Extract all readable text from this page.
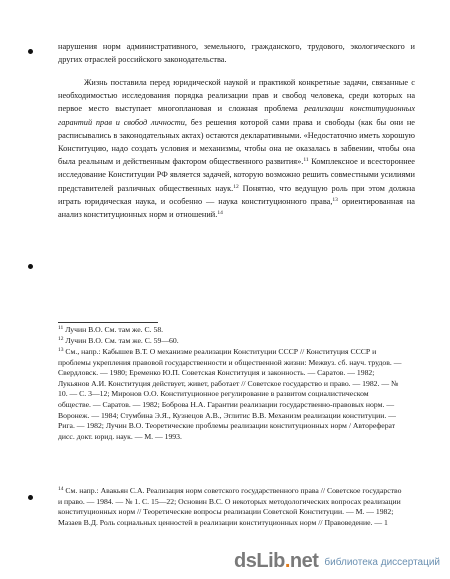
нарушения норм административного, земельного, гражданского, трудового, экологического и других отраслей российского законодательства.

Жизнь поставила перед юридической наукой и практикой конкретные задачи, связанные с необходимостью исследования порядка реализации прав и свобод человека, среди которых на первое место выступает многоплановая и сложная проблема реализации конституционных гарантий прав и свобод личности, без решения которой сами права и свободы (как бы они не расписывались в законодательных актах) остаются декларативными. «Недостаточно иметь хорошую Конституцию, надо создать условия и механизмы, чтобы она не оказалась в забвении, чтобы она была реальным и действенным фактором общественного развития».$^{11}$ Комплексное и всестороннее исследование Конституции РФ является задачей, которую возможно решить совместными усилиями представителей различных общественных наук.$^{12}$ Понятно, что ведущую роль при этом должна играть юридическая наука, и особенно — наука конституционного права,$^{13}$ ориентированная на анализ конституционных норм и отношений.$^{14}$

$^{11}$ Лучин В.О. См. там же. С. 58.

$^{12}$ Лучин В.О. См. там же. С. 59—60.

$^{13}$ См., напр.: Кабышев В.Т. О механизме реализации Конституции СССР // Конституция СССР и проблемы укрепления правовой государственности и общественной жизни: Межвуз. сб. науч. трудов. — Свердловск. — 1980; Еременко Ю.П. Советская Конституция и законность. — Саратов. — 1982; Лукьянов А.И. Конституция действует, живет, работает // Советское государство и право. — 1982. — № 10. — С. 3—12; Миронов О.О. Конституционное регулирование в развитом социалистическом обществе. — Саратов. — 1982; Боброва Н.А. Гарантии реализации государственно-правовых норм. — Воронеж. — 1984; Стумбина Э.Я., Кузнецов А.В., Эглитис В.В. Механизм реализации конституции. — Рига. — 1982; Лучин В.О. Теоретические проблемы реализации конституционных норм / Автореферат дисс. докт. юрид. наук. — М. — 1993.

$^{14}$ См. напр.: Авакьян С.А. Реализация норм советского государственного права // Советское государство и право. — 1984. — № 1. С. 15—22; Основин В.С. О некоторых методологических вопросах реализации конституционных норм // Теоретические вопросы реализации Советской Конституции. — М. — 1982; Мазаев В.Д. Роль социальных ценностей в реализации конституционных норм // Правоведение. — 1

dsLib.net библиотека диссертаций
